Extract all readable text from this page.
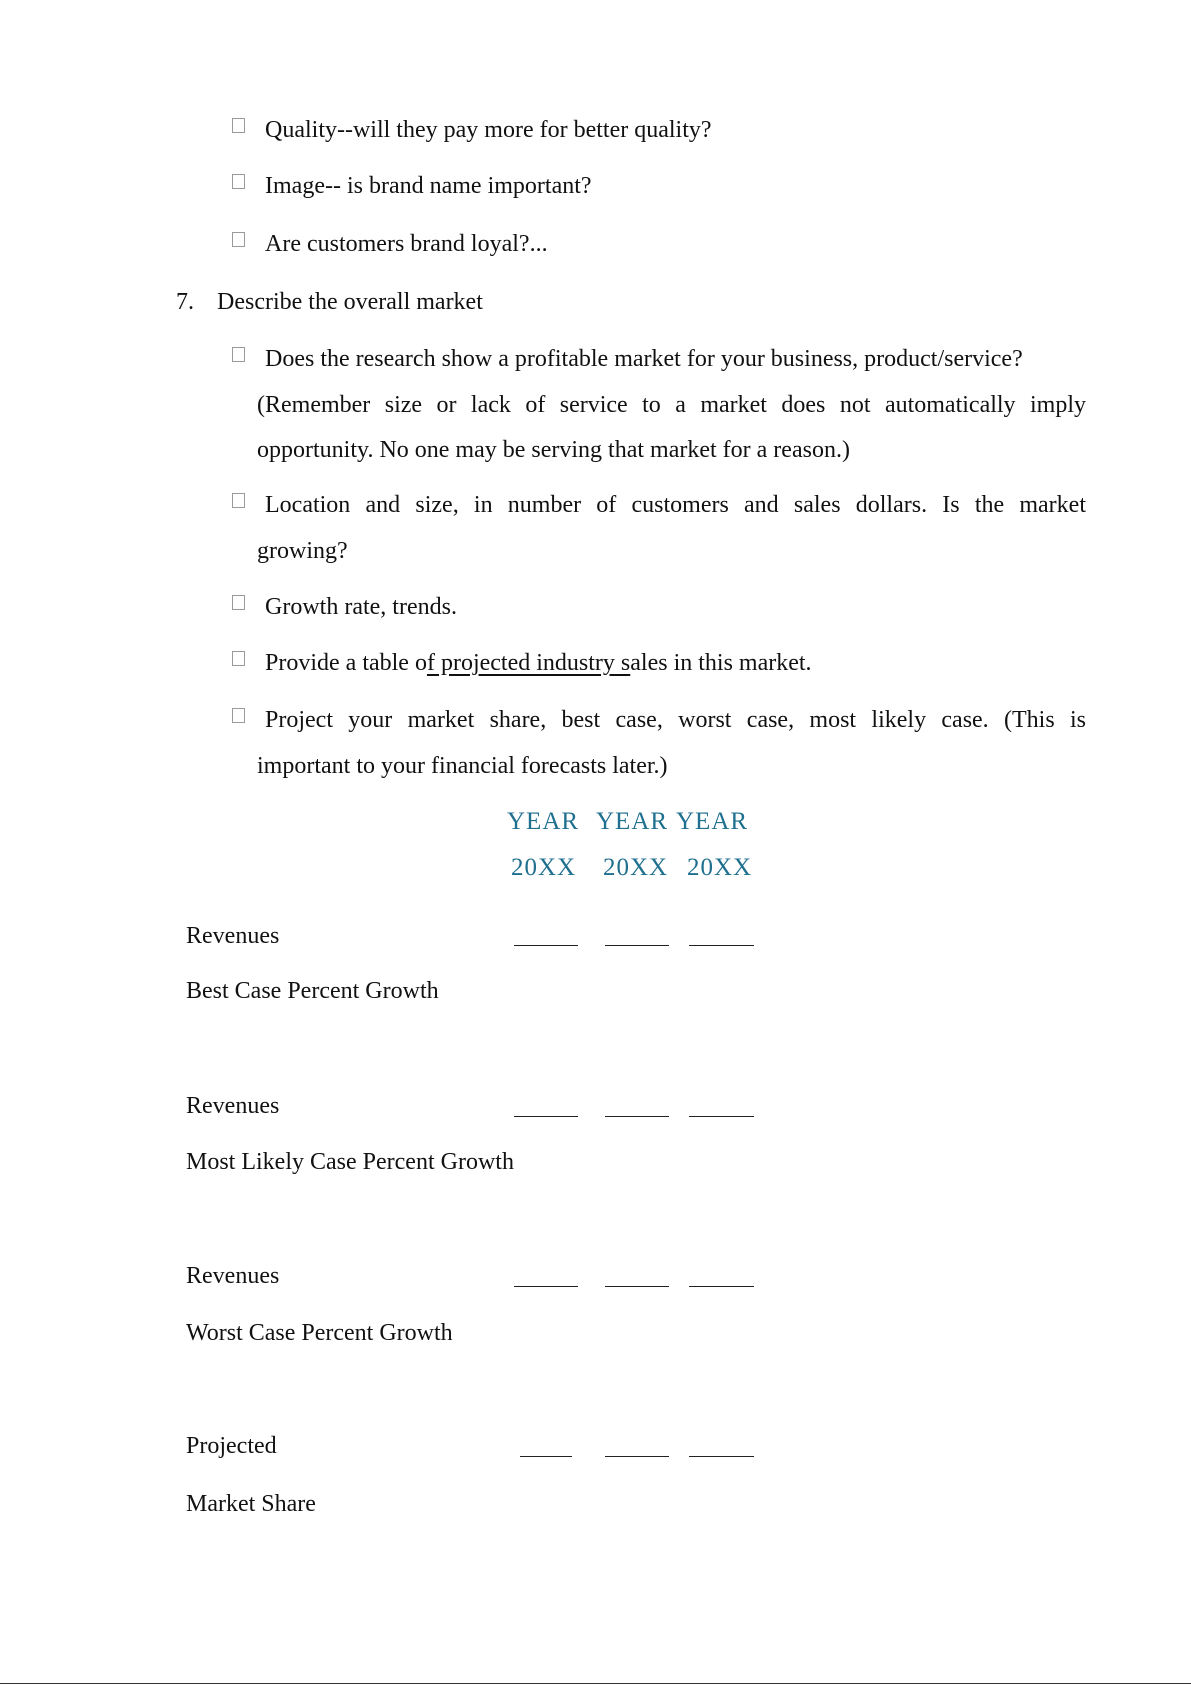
Quality--will they pay more for better quality?
Image-- is brand name important?
Are customers brand loyal?...
7. Describe the overall market
Does the research show a profitable market for your business, product/service?
(Remember size or lack of service to a market does not automatically imply
opportunity. No one may be serving that market for a reason.)
Location and size, in number of customers and sales dollars. Is the market
growing?
Growth rate, trends.
Provide a table of projected industry sales in this market.
Project your market share, best case, worst case, most likely case. (This is
important to your financial forecasts later.)
YEAR YEAR YEAR
20XX 20XX 20XX
Revenues
Best Case Percent Growth
Revenues
Most Likely Case Percent Growth
Revenues
Worst Case Percent Growth
Projected
Market Share
